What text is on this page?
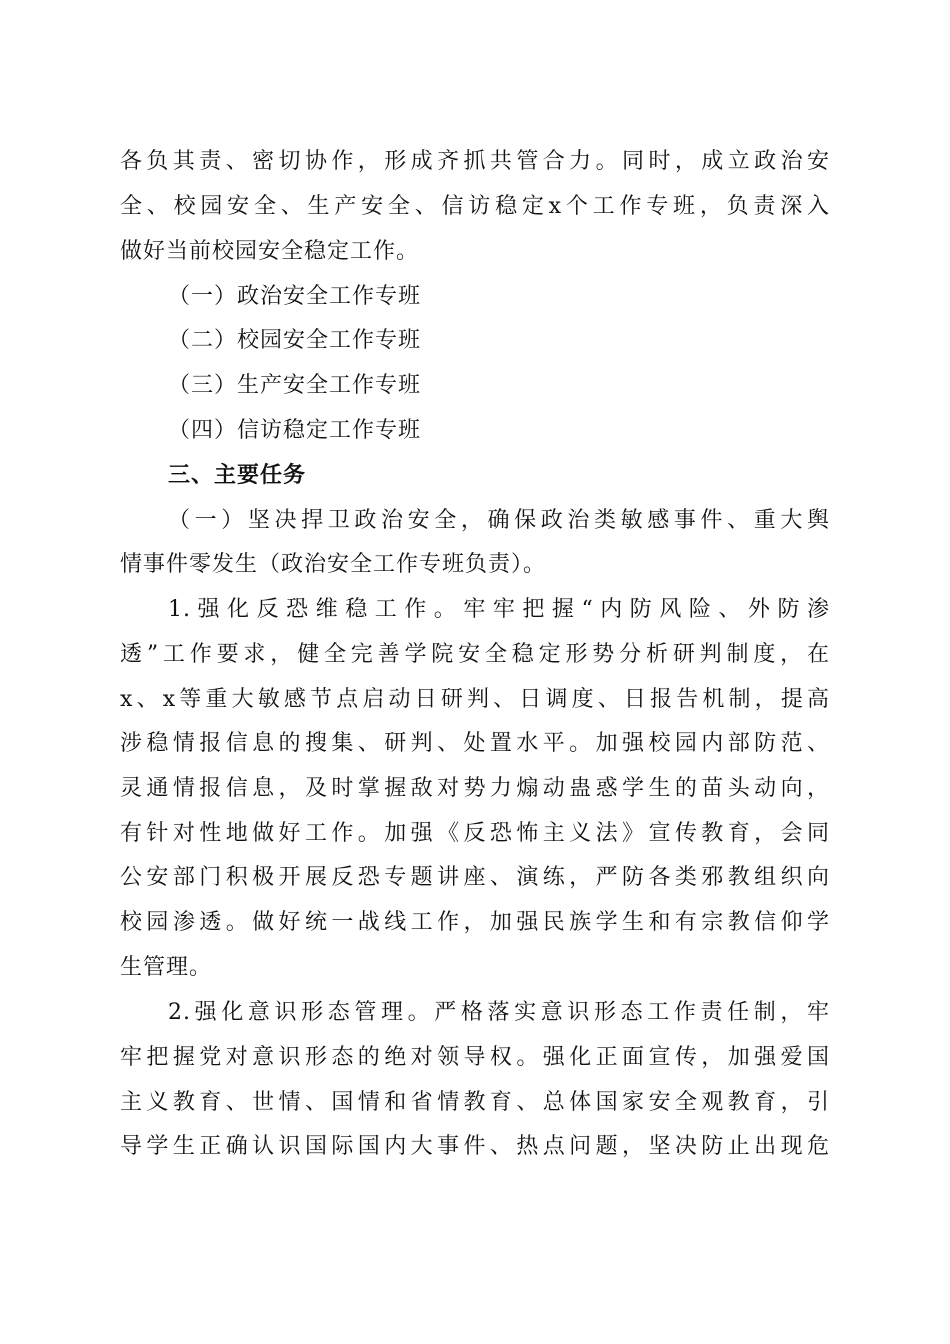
各负其责、密切协作，形成齐抓共管合力。同时，成立政治安
全、校园安全、生产安全、信访稳定x个工作专班，负责深入
做好当前校园安全稳定工作。
（一）政治安全工作专班
（二）校园安全工作专班
（三）生产安全工作专班
（四）信访稳定工作专班
三、主要任务
（一）坚决捍卫政治安全，确保政治类敏感事件、重大舆
情事件零发生（政治安全工作专班负责）。
1.强化反恐维稳工作。牢牢把握“内防风险、外防渗
透”工作要求，健全完善学院安全稳定形势分析研判制度，在
x、x等重大敏感节点启动日研判、日调度、日报告机制，提高
涉稳情报信息的搜集、研判、处置水平。加强校园内部防范、
灵通情报信息，及时掌握敌对势力煽动蛊惑学生的苗头动向，
有针对性地做好工作。加强《反恐怖主义法》宣传教育，会同
公安部门积极开展反恐专题讲座、演练，严防各类邪教组织向
校园渗透。做好统一战线工作，加强民族学生和有宗教信仰学
生管理。
2.强化意识形态管理。严格落实意识形态工作责任制，牢
牢把握党对意识形态的绝对领导权。强化正面宣传，加强爱国
主义教育、世情、国情和省情教育、总体国家安全观教育，引
导学生正确认识国际国内大事件、热点问题，坚决防止出现危
